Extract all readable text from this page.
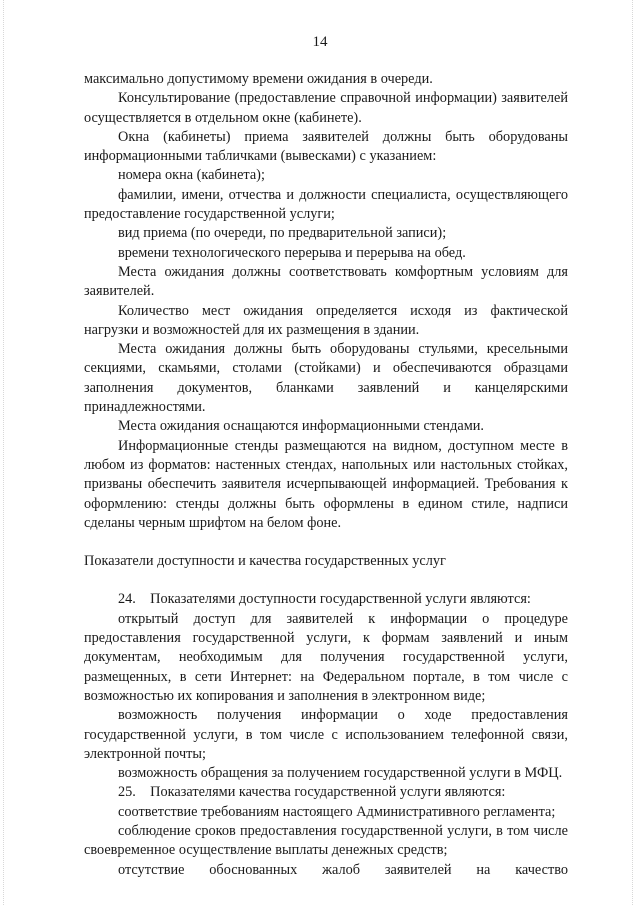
14
максимально допустимому времени ожидания в очереди.
Консультирование (предоставление справочной информации) заявителей осуществляется в отдельном окне (кабинете).
Окна (кабинеты) приема заявителей должны быть оборудованы информационными табличками (вывесками) с указанием:
номера окна (кабинета);
фамилии, имени, отчества и должности специалиста, осуществляющего предоставление государственной услуги;
вид приема (по очереди, по предварительной записи);
времени технологического перерыва и перерыва на обед.
Места ожидания должны соответствовать комфортным условиям для заявителей.
Количество мест ожидания определяется исходя из фактической нагрузки и возможностей для их размещения в здании.
Места ожидания должны быть оборудованы стульями, кресельными секциями, скамьями, столами (стойками) и обеспечиваются образцами заполнения документов, бланками заявлений и канцелярскими принадлежностями.
Места ожидания оснащаются информационными стендами.
Информационные стенды размещаются на видном, доступном месте в любом из форматов: настенных стендах, напольных или настольных стойках, призваны обеспечить заявителя исчерпывающей информацией. Требования к оформлению: стенды должны быть оформлены в едином стиле, надписи сделаны черным шрифтом на белом фоне.
Показатели доступности и качества государственных услуг
24. Показателями доступности государственной услуги являются:
открытый доступ для заявителей к информации о процедуре предоставления государственной услуги, к формам заявлений и иным документам, необходимым для получения государственной услуги, размещенных, в сети Интернет: на Федеральном портале, в том числе с возможностью их копирования и заполнения в электронном виде;
возможность получения информации о ходе предоставления государственной услуги, в том числе с использованием телефонной связи, электронной почты;
возможность обращения за получением государственной услуги в МФЦ.
25. Показателями качества государственной услуги являются:
соответствие требованиям настоящего Административного регламента;
соблюдение сроков предоставления государственной услуги, в том числе своевременное осуществление выплаты денежных средств;
отсутствие обоснованных жалоб заявителей на качество
